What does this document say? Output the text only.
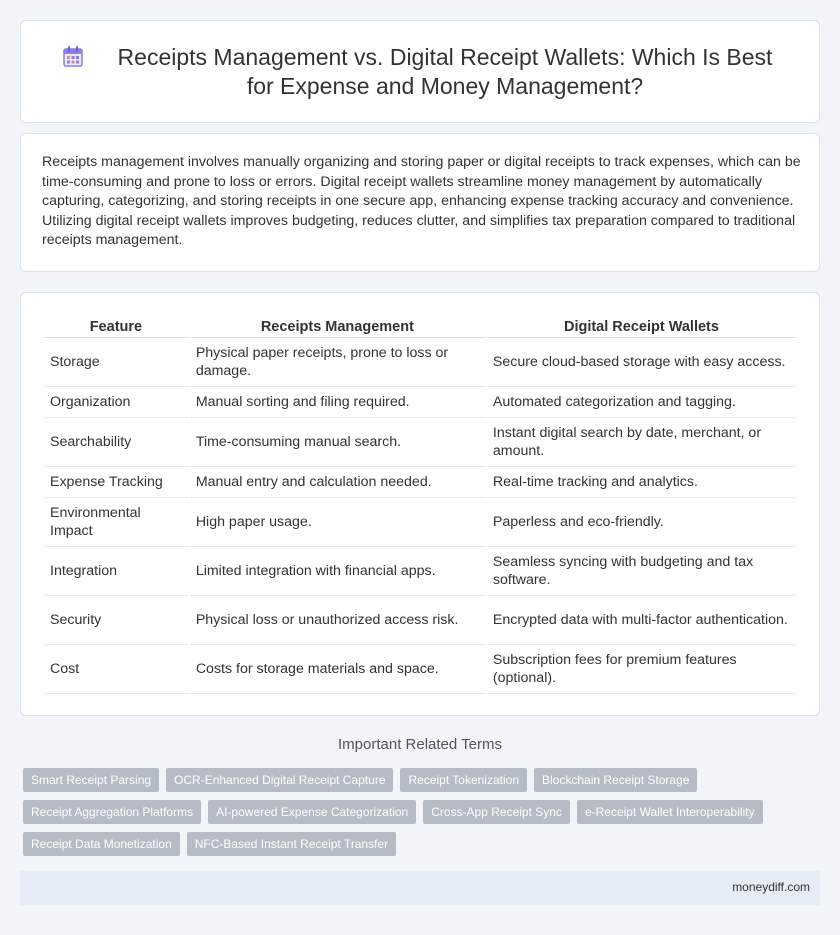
Receipts Management vs. Digital Receipt Wallets: Which Is Best for Expense and Money Management?

Receipts management involves manually organizing and storing paper or digital receipts to track expenses, which can be time-consuming and prone to loss or errors. Digital receipt wallets streamline money management by automatically capturing, categorizing, and storing receipts in one secure app, enhancing expense tracking accuracy and convenience. Utilizing digital receipt wallets improves budgeting, reduces clutter, and simplifies tax preparation compared to traditional receipts management.

Feature	Receipts Management	Digital Receipt Wallets
Storage	Physical paper receipts, prone to loss or damage.	Secure cloud-based storage with easy access.
Organization	Manual sorting and filing required.	Automated categorization and tagging.
Searchability	Time-consuming manual search.	Instant digital search by date, merchant, or amount.
Expense Tracking	Manual entry and calculation needed.	Real-time tracking and analytics.
Environmental Impact	High paper usage.	Paperless and eco-friendly.
Integration	Limited integration with financial apps.	Seamless syncing with budgeting and tax software.
Security	Physical loss or unauthorized access risk.	Encrypted data with multi-factor authentication.
Cost	Costs for storage materials and space.	Subscription fees for premium features (optional).
Important Related Terms
Smart Receipt Parsing	OCR-Enhanced Digital Receipt Capture	Receipt Tokenization	Blockchain Receipt Storage
Receipt Aggregation Platforms	AI-powered Expense Categorization	Cross-App Receipt Sync	e-Receipt Wallet Interoperability
Receipt Data Monetization	NFC-Based Instant Receipt Transfer
moneydiff.com
